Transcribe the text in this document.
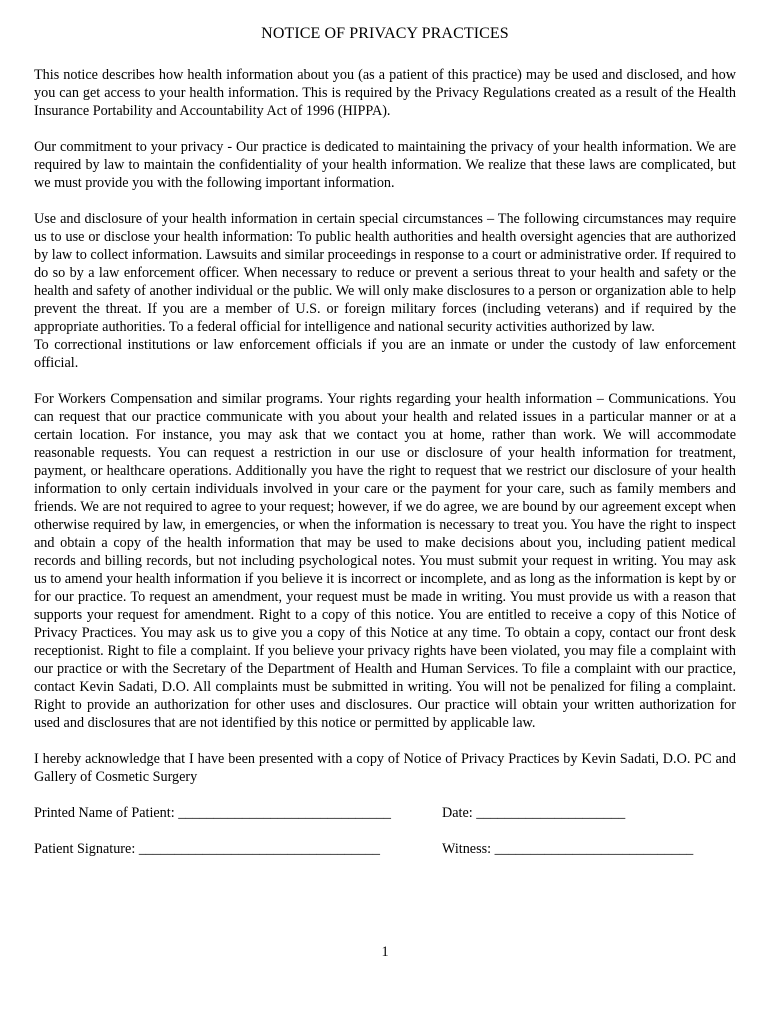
NOTICE OF PRIVACY PRACTICES

This notice describes how health information about you (as a patient of this practice) may be used and disclosed, and how you can get access to your health information. This is required by the Privacy Regulations created as a result of the Health Insurance Portability and Accountability Act of 1996 (HIPPA).

Our commitment to your privacy - Our practice is dedicated to maintaining the privacy of your health information. We are required by law to maintain the confidentiality of your health information. We realize that these laws are complicated, but we must provide you with the following important information.

Use and disclosure of your health information in certain special circumstances – The following circumstances may require us to use or disclose your health information: To public health authorities and health oversight agencies that are authorized by law to collect information. Lawsuits and similar proceedings in response to a court or administrative order. If required to do so by a law enforcement officer. When necessary to reduce or prevent a serious threat to your health and safety or the health and safety of another individual or the public. We will only make disclosures to a person or organization able to help prevent the threat. If you are a member of U.S. or foreign military forces (including veterans) and if required by the appropriate authorities. To a federal official for intelligence and national security activities authorized by law.

To correctional institutions or law enforcement officials if you are an inmate or under the custody of law enforcement official.

For Workers Compensation and similar programs. Your rights regarding your health information – Communications. You can request that our practice communicate with you about your health and related issues in a particular manner or at a certain location. For instance, you may ask that we contact you at home, rather than work. We will accommodate reasonable requests. You can request a restriction in our use or disclosure of your health information for treatment, payment, or healthcare operations. Additionally you have the right to request that we restrict our disclosure of your health information to only certain individuals involved in your care or the payment for your care, such as family members and friends. We are not required to agree to your request; however, if we do agree, we are bound by our agreement except when otherwise required by law, in emergencies, or when the information is necessary to treat you. You have the right to inspect and obtain a copy of the health information that may be used to make decisions about you, including patient medical records and billing records, but not including psychological notes. You must submit your request in writing. You may ask us to amend your health information if you believe it is incorrect or incomplete, and as long as the information is kept by or for our practice. To request an amendment, your request must be made in writing. You must provide us with a reason that supports your request for amendment. Right to a copy of this notice. You are entitled to receive a copy of this Notice of Privacy Practices. You may ask us to give you a copy of this Notice at any time. To obtain a copy, contact our front desk receptionist. Right to file a complaint. If you believe your privacy rights have been violated, you may file a complaint with our practice or with the Secretary of the Department of Health and Human Services. To file a complaint with our practice, contact Kevin Sadati, D.O. All complaints must be submitted in writing. You will not be penalized for filing a complaint. Right to provide an authorization for other uses and disclosures. Our practice will obtain your written authorization for used and disclosures that are not identified by this notice or permitted by applicable law.

I hereby acknowledge that I have been presented with a copy of Notice of Privacy Practices by Kevin Sadati, D.O. PC and Gallery of Cosmetic Surgery

Printed Name of Patient: ______________________________	Date: _____________________
Patient Signature: __________________________________	Witness: ____________________________
1
